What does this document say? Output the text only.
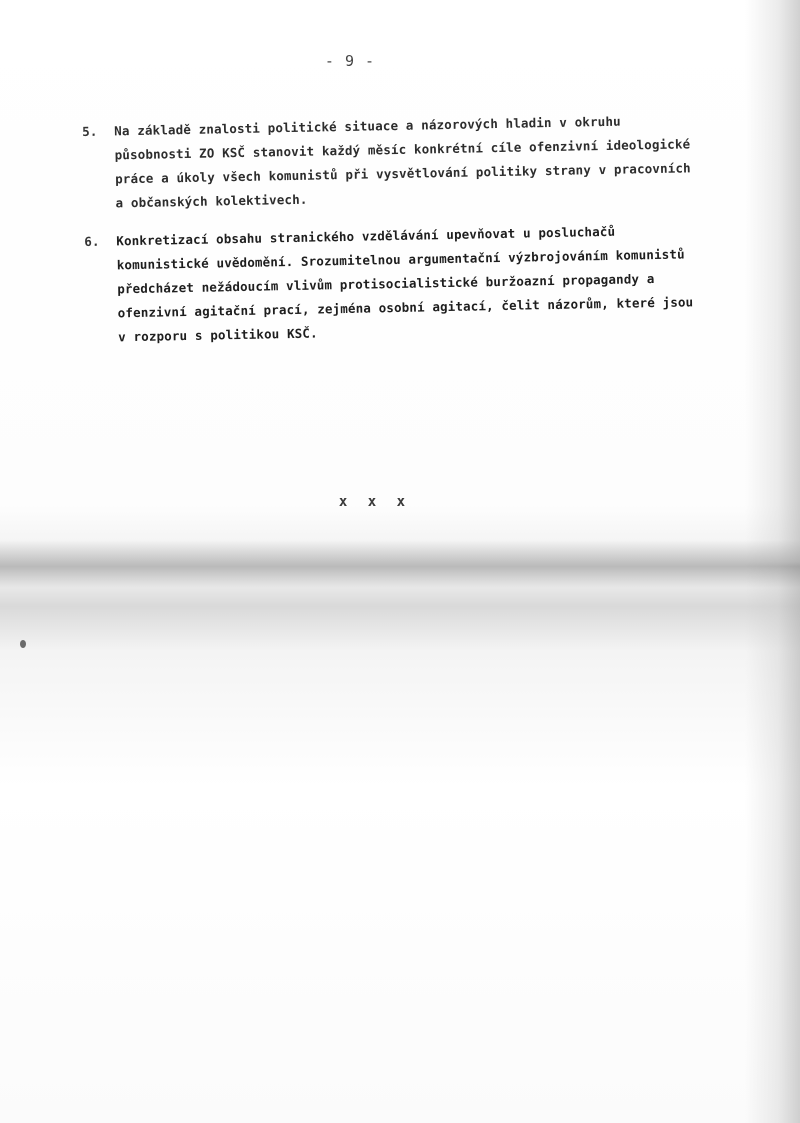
- 9 -
5.	Na základě znalosti politické situace a názorových hladin v okruhu působnosti ZO KSČ stanovit každý měsíc konkrétní cíle ofenzivní ideologické práce a úkoly všech komunistů při vysvětlování politiky strany v pracovních a občanských kolektivech.
6.	Konkretizací obsahu stranického vzdělávání upevňovat u posluchačů komunistické uvědomění. Srozumitelnou argumentační výzbrojováním komunistů předcházet nežádoucím vlivům protisocialistické buržoazní propagandy a ofenzivní agitační prací, zejména osobní agitací, čelit názorům, které jsou v rozporu s politikou KSČ.
x x x
